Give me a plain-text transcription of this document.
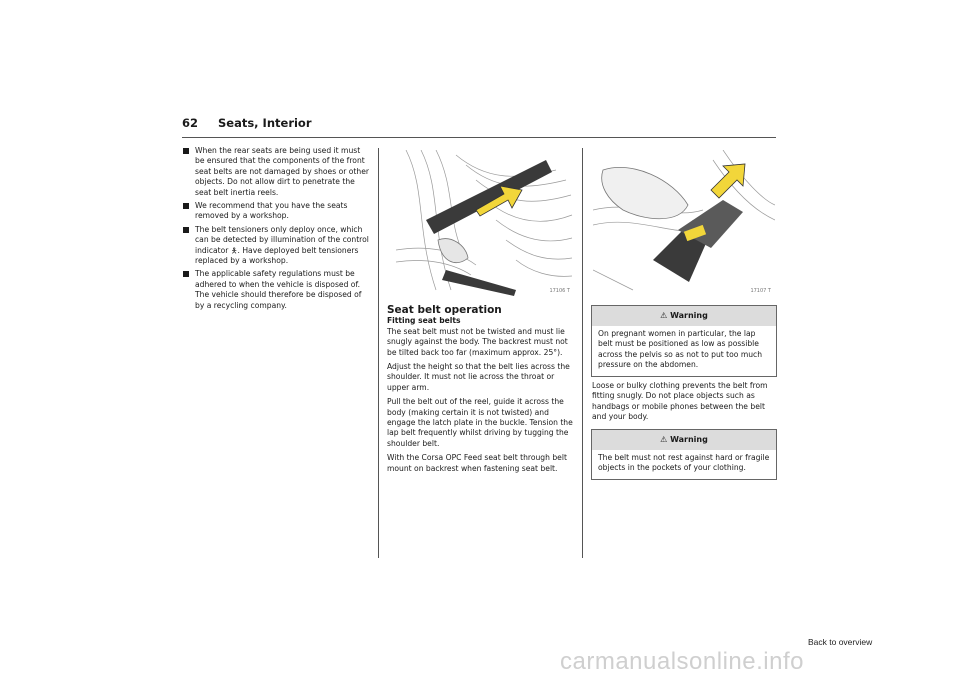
62 Seats, Interior
When the rear seats are being used it must be ensured that the components of the front seat belts are not damaged by shoes or other objects. Do not allow dirt to penetrate the seat belt inertia reels.
We recommend that you have the seats removed by a workshop.
The belt tensioners only deploy once, which can be detected by illumination of the control indicator 🯅. Have deployed belt tensioners replaced by a workshop.
The applicable safety regulations must be adhered to when the vehicle is disposed of. The vehicle should therefore be disposed of by a recycling company.
17106 T	17107 T
Seat belt operation
Fitting seat belts

The seat belt must not be twisted and must lie snugly against the body. The backrest must not be tilted back too far (maximum approx. 25°).

Adjust the height so that the belt lies across the shoulder. It must not lie across the throat or upper arm.

Pull the belt out of the reel, guide it across the body (making certain it is not twisted) and engage the latch plate in the buckle. Tension the lap belt frequently whilst driving by tugging the shoulder belt.

With the Corsa OPC Feed seat belt through belt mount on backrest when fastening seat belt.

⚠ Warning
On pregnant women in particular, the lap belt must be positioned as low as possible across the pelvis so as not to put too much pressure on the abdomen.
Loose or bulky clothing prevents the belt from fitting snugly. Do not place objects such as handbags or mobile phones between the belt and your body.
⚠ Warning
The belt must not rest against hard or fragile objects in the pockets of your clothing.
Back to overview
carmanualsonline.info
